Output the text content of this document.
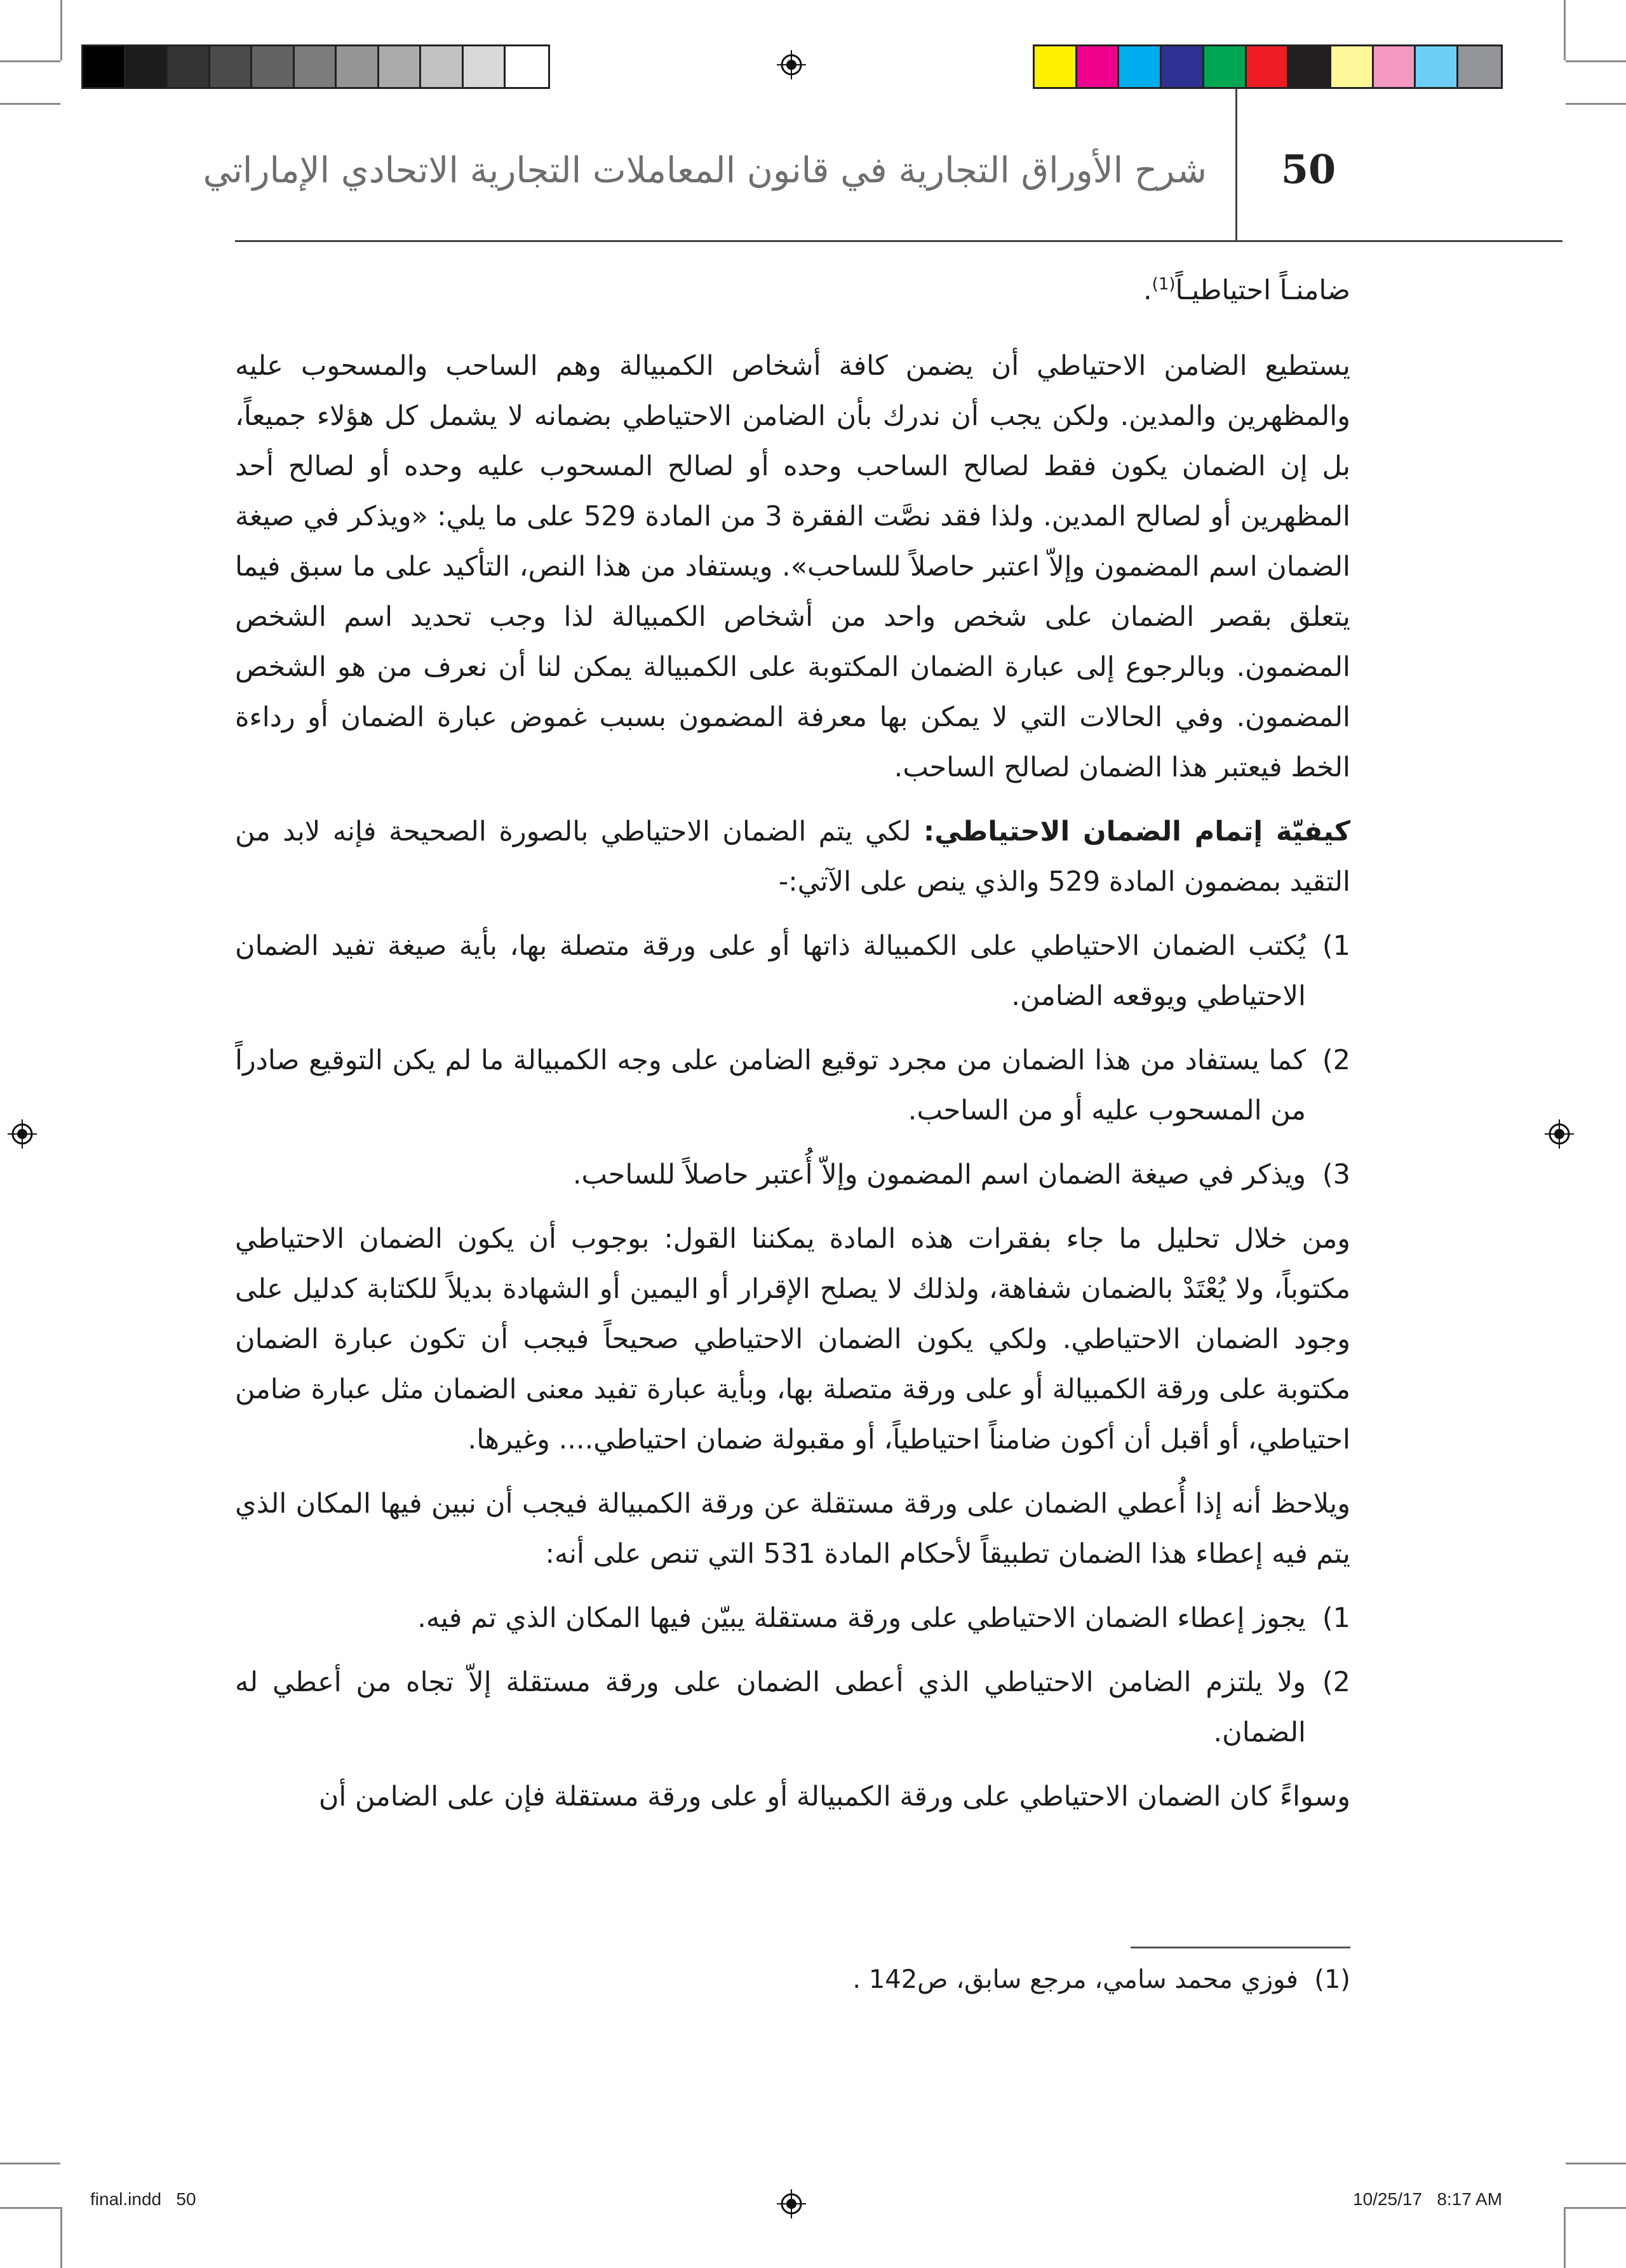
50
شرح الأوراق التجارية في قانون المعاملات التجارية الاتحادي الإماراتي

ضامنـاً احتياطيـاً$^{(1)}$.

يستطيع الضامن الاحتياطي أن يضمن كافة أشخاص الكمبيالة وهم الساحب والمسحوب عليه والمظهرين والمدين. ولكن يجب أن ندرك بأن الضامن الاحتياطي بضمانه لا يشمل كل هؤلاء جميعاً، بل إن الضمان يكون فقط لصالح الساحب وحده أو لصالح المسحوب عليه وحده أو لصالح أحد المظهرين أو لصالح المدين. ولذا فقد نصَّت الفقرة 3 من المادة 529 على ما يلي: «ويذكر في صيغة الضمان اسم المضمون وإلاّ اعتبر حاصلاً للساحب». ويستفاد من هذا النص، التأكيد على ما سبق فيما يتعلق بقصر الضمان على شخص واحد من أشخاص الكمبيالة لذا وجب تحديد اسم الشخص المضمون. وبالرجوع إلى عبارة الضمان المكتوبة على الكمبيالة يمكن لنا أن نعرف من هو الشخص المضمون. وفي الحالات التي لا يمكن بها معرفة المضمون بسبب غموض عبارة الضمان أو رداءة الخط فيعتبر هذا الضمان لصالح الساحب.

كيفيّة إتمام الضمان الاحتياطي: لكي يتم الضمان الاحتياطي بالصورة الصحيحة فإنه لابد من التقيد بمضمون المادة 529 والذي ينص على الآتي:-

1)
يُكتب الضمان الاحتياطي على الكمبيالة ذاتها أو على ورقة متصلة بها، بأية صيغة تفيد الضمان الاحتياطي ويوقعه الضامن.
2)
كما يستفاد من هذا الضمان من مجرد توقيع الضامن على وجه الكمبيالة ما لم يكن التوقيع صادراً من المسحوب عليه أو من الساحب.
3)
ويذكر في صيغة الضمان اسم المضمون وإلاّ أُعتبر حاصلاً للساحب.

ومن خلال تحليل ما جاء بفقرات هذه المادة يمكننا القول: بوجوب أن يكون الضمان الاحتياطي مكتوباً، ولا يُعْتَدْ بالضمان شفاهة، ولذلك لا يصلح الإقرار أو اليمين أو الشهادة بديلاً للكتابة كدليل على وجود الضمان الاحتياطي. ولكي يكون الضمان الاحتياطي صحيحاً فيجب أن تكون عبارة الضمان مكتوبة على ورقة الكمبيالة أو على ورقة متصلة بها، وبأية عبارة تفيد معنى الضمان مثل عبارة ضامن احتياطي، أو أقبل أن أكون ضامناً احتياطياً، أو مقبولة ضمان احتياطي.... وغيرها.

ويلاحظ أنه إذا أُعطي الضمان على ورقة مستقلة عن ورقة الكمبيالة فيجب أن نبين فيها المكان الذي يتم فيه إعطاء هذا الضمان تطبيقاً لأحكام المادة 531 التي تنص على أنه:

1)
يجوز إعطاء الضمان الاحتياطي على ورقة مستقلة يبيّن فيها المكان الذي تم فيه.
2)
ولا يلتزم الضامن الاحتياطي الذي أعطى الضمان على ورقة مستقلة إلاّ تجاه من أعطي له الضمان.

وسواءً كان الضمان الاحتياطي على ورقة الكمبيالة أو على ورقة مستقلة فإن على الضامن أن

(1)  فوزي محمد سامي، مرجع سابق، ص142 .
final.indd   50	10/25/17   8:17 AM
